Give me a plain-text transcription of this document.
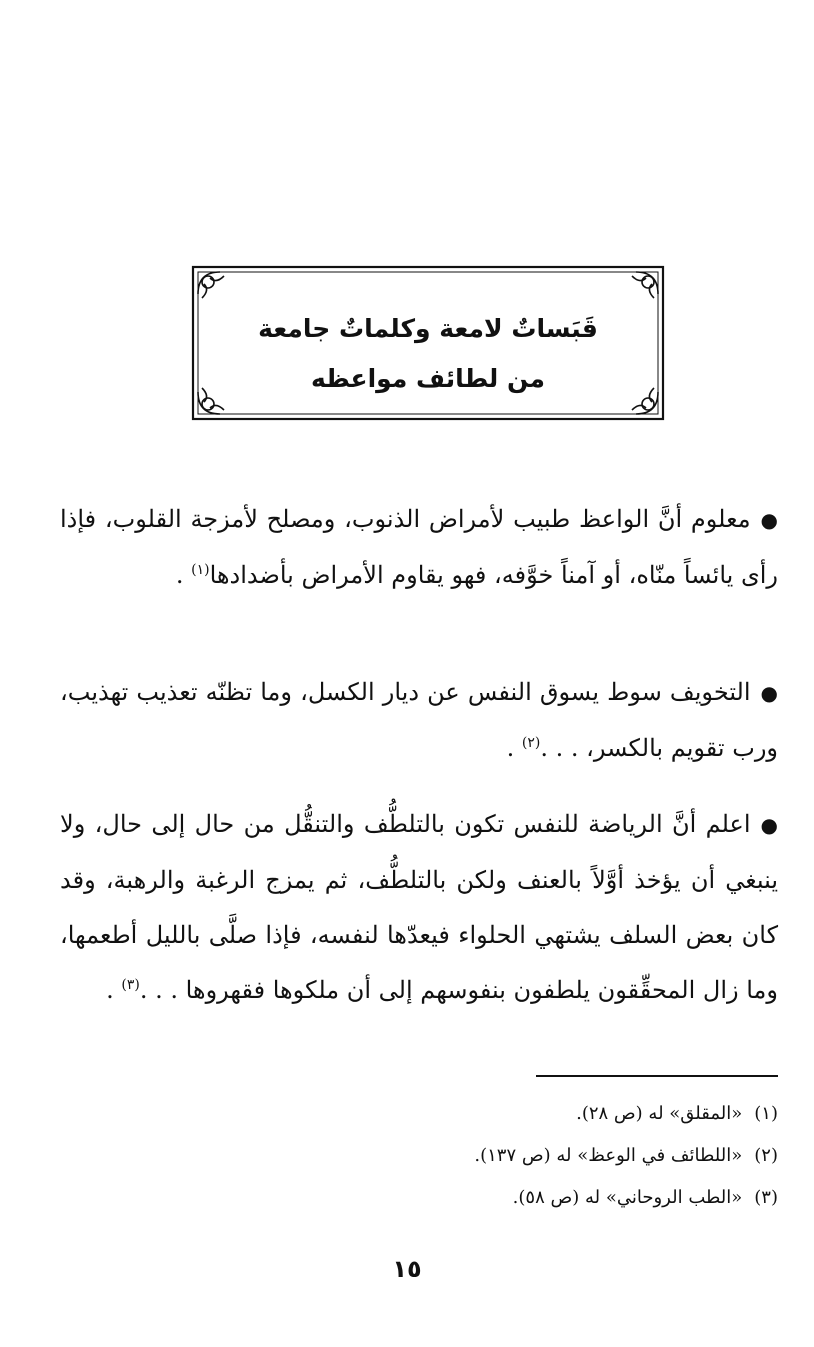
قَبَساتٌ لامعة وكلماتٌ جامعة
من لطائف مواعظه
●معلوم أنَّ الواعظ طبيب لأمراض الذنوب، ومصلح لأمزجة القلوب، فإذا رأى يائساً منّاه، أو آمناً خوَّفه، فهو يقاوم الأمراض بأضدادها$^{(١)}$ .
●التخويف سوط يسوق النفس عن ديار الكسل، وما تظنّه تعذيب تهذيب، ورب تقويم بالكسر، . . .$^{(٢)}$ .
●اعلم أنَّ الرياضة للنفس تكون بالتلطُّف والتنقُّل من حال إلى حال، ولا ينبغي أن يؤخذ أوَّلاً بالعنف ولكن بالتلطُّف، ثم يمزج الرغبة والرهبة، وقد كان بعض السلف يشتهي الحلواء فيعدّها لنفسه، فإذا صلَّى بالليل أطعمها، وما زال المحقِّقون يلطفون بنفوسهم إلى أن ملكوها فقهروها . . .$^{(٣)}$ .
(١)«المقلق» له (ص ٢٨).
(٢)«اللطائف في الوعظ» له (ص ١٣٧).
(٣)«الطب الروحاني» له (ص ٥٨).
١٥
